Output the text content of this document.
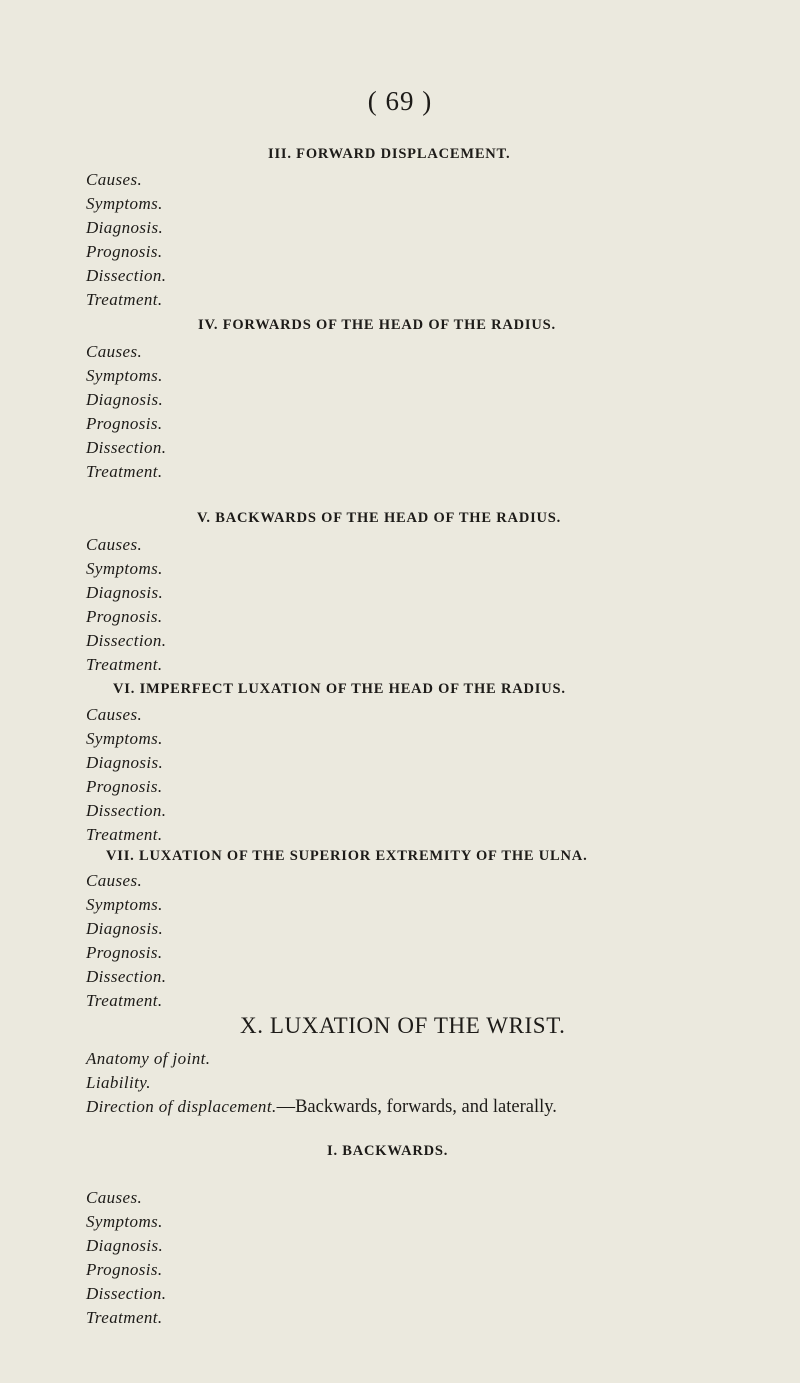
( 69 )
III. FORWARD DISPLACEMENT.
Causes.
Symptoms.
Diagnosis.
Prognosis.
Dissection.
Treatment.
IV. FORWARDS OF THE HEAD OF THE RADIUS.
Causes.
Symptoms.
Diagnosis.
Prognosis.
Dissection.
Treatment.
V. BACKWARDS OF THE HEAD OF THE RADIUS.
Causes.
Symptoms.
Diagnosis.
Prognosis.
Dissection.
Treatment.
VI. IMPERFECT LUXATION OF THE HEAD OF THE RADIUS.
Causes.
Symptoms.
Diagnosis.
Prognosis.
Dissection.
Treatment.
VII. LUXATION OF THE SUPERIOR EXTREMITY OF THE ULNA.
Causes.
Symptoms.
Diagnosis.
Prognosis.
Dissection.
Treatment.
X. LUXATION OF THE WRIST.
Anatomy of joint.
Liability.
Direction of displacement.—Backwards, forwards, and laterally.
I. BACKWARDS.
Causes.
Symptoms.
Diagnosis.
Prognosis.
Dissection.
Treatment.
